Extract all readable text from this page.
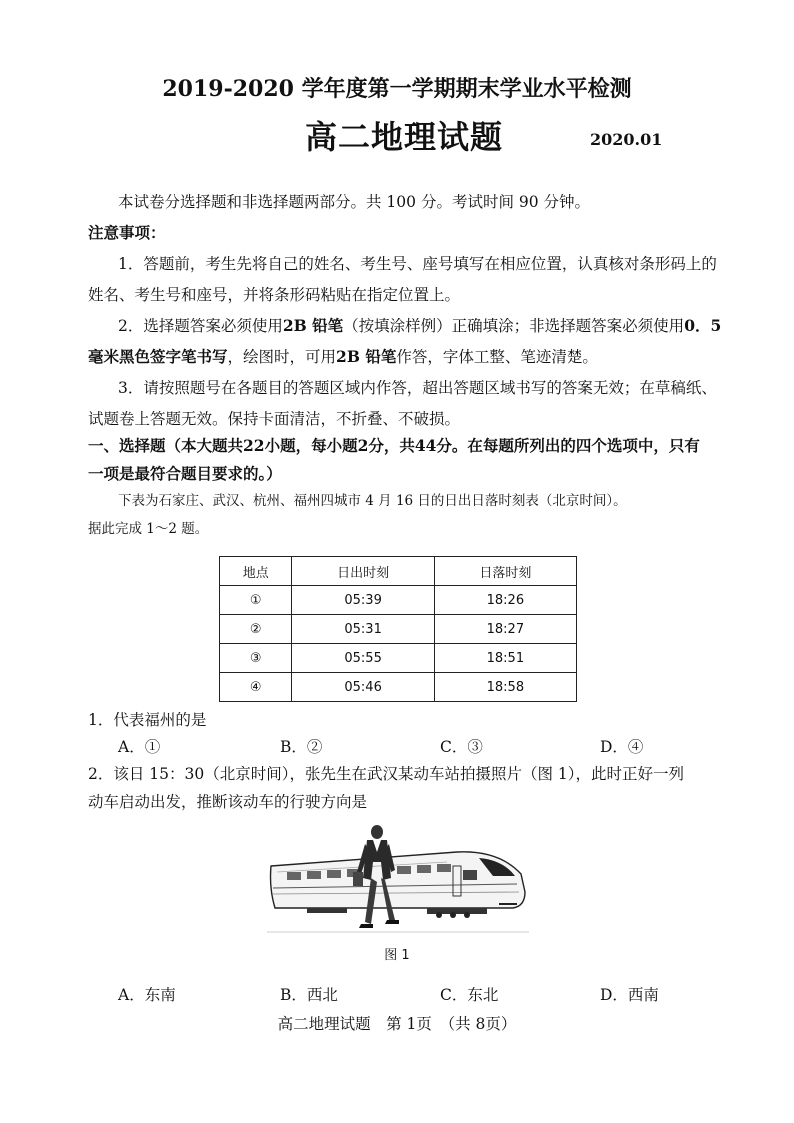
2019-2020 学年度第一学期期末学业水平检测
高二地理试题	2020.01
本试卷分选择题和非选择题两部分。共 100 分。考试时间 90 分钟。
注意事项：
1．答题前，考生先将自己的姓名、考生号、座号填写在相应位置，认真核对条形码上的
姓名、考生号和座号，并将条形码粘贴在指定位置上。
2．选择题答案必须使用2B 铅笔（按填涂样例）正确填涂；非选择题答案必须使用0．5
毫米黑色签字笔书写，绘图时，可用2B 铅笔作答，字体工整、笔迹清楚。
3．请按照题号在各题目的答题区域内作答，超出答题区域书写的答案无效；在草稿纸、
试题卷上答题无效。保持卡面清洁，不折叠、不破损。
一、选择题（本大题共22小题，每小题2分，共44分。在每题所列出的四个选项中，只有
一项是最符合题目要求的。）
下表为石家庄、武汉、杭州、福州四城市 4 月 16 日的日出日落时刻表（北京时间）。
据此完成 1～2 题。
地点	日出时刻	日落时刻
①	05:39	18:26
②	05:31	18:27
③	05:55	18:51
④	05:46	18:58
1．代表福州的是
A．①	B．②	C．③	D．④
2．该日 15：30（北京时间），张先生在武汉某动车站拍摄照片（图 1），此时正好一列
动车启动出发，推断该动车的行驶方向是
图 1
A．东南	B．西北	C．东北	D．西南
高二地理试题　第 1页　（共 8页）
